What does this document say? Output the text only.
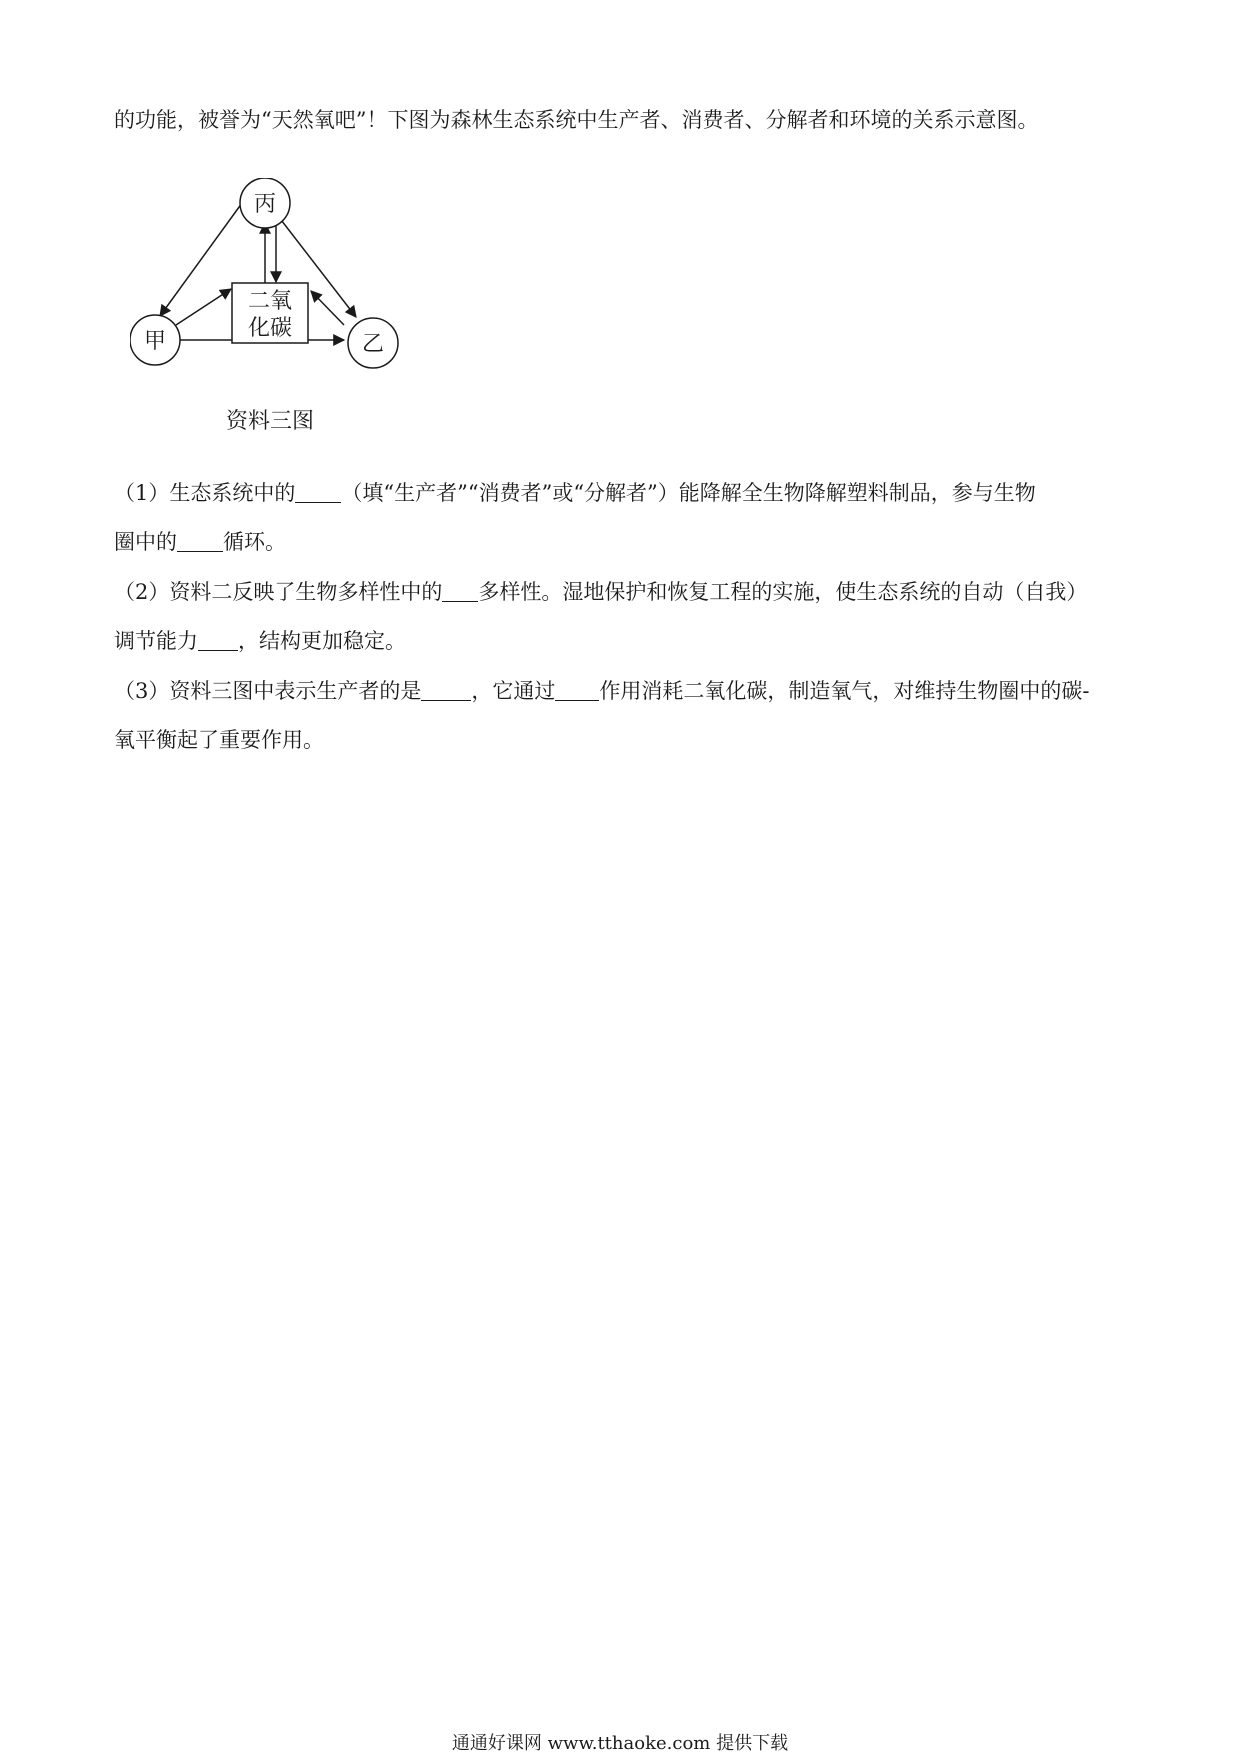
的功能，被誉为“天然氧吧”！下图为森林生态系统中生产者、消费者、分解者和环境的关系示意图。
丙
甲	乙
二氧
化碳
资料三图
（1）生态系统中的 （填“生产者”“消费者”或“分解者”）能降解全生物降解塑料制品，参与生物
圈中的 循环。
（2）资料二反映了生物多样性中的 多样性。湿地保护和恢复工程的实施，使生态系统的自动（自我）
调节能力 ，结构更加稳定。
（3）资料三图中表示生产者的是 ，它通过 作用消耗二氧化碳，制造氧气，对维持生物圈中的碳-
氧平衡起了重要作用。
通通好课网 www.tthaoke.com 提供下载
